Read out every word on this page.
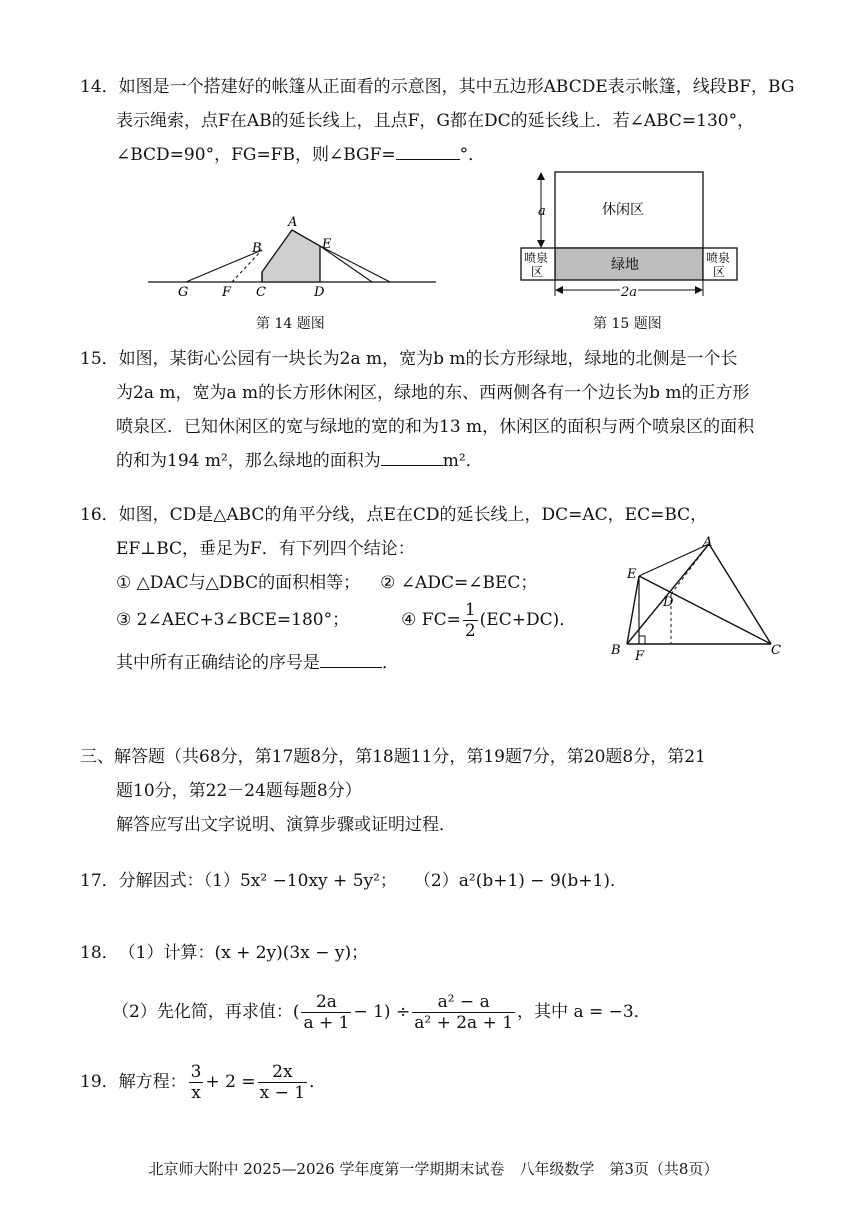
14．如图是一个搭建好的帐篷从正面看的示意图，其中五边形ABCDE表示帐篷，线段BF，BG
表示绳索，点F在AB的延长线上，且点F，G都在DC的延长线上．若∠ABC=130°，
∠BCD=90°，FG=FB，则∠BGF=	°．
A
B	E
G	F C	D
第 14 题图
a	休闲区
绿地
喷泉
区
喷泉
区
2a
第 15 题图
15．如图，某街心公园有一块长为2a m，宽为b m的长方形绿地，绿地的北侧是一个长
为2a m，宽为a m的长方形休闲区，绿地的东、西两侧各有一个边长为b m的正方形
喷泉区．已知休闲区的宽与绿地的宽的和为13 m，休闲区的面积与两个喷泉区的面积
的和为194 m²，那么绿地的面积为	m²．
16．如图，CD是△ABC的角平分线，点E在CD的延长线上，DC=AC，EC=BC，
EF⊥BC，垂足为F．有下列四个结论：
① △DAC与△DBC的面积相等； ② ∠ADC=∠BEC；
③ 2∠AEC+3∠BCE=180°；	④ $FC= \frac{1}{2} (EC+DC)$．
其中所有正确结论的序号是	．
A
E
D
B F	C
三、解答题（共68分，第17题8分，第18题11分，第19题7分，第20题8分，第21
题10分，第22－24题每题8分）
解答应写出文字说明、演算步骤或证明过程．
17．分解因式：（1）5x² −10xy + 5y²；　　（2）a²(b+1) − 9(b+1)．
18．（1）计算：(x + 2y)(3x − y)；
（2）先化简，再求值：( $\frac{2a}{a + 1} - 1) \div \frac{\text{a² − a}}{\text{a² + 2a + 1}}$ ，其中 a = −3．
19．解方程： $\frac{3}{x} + 2 = \frac{2x}{x - 1}$ ．
北京师大附中 2025—2026 学年度第一学期期末试卷　八年级数学　第3页（共8页）
